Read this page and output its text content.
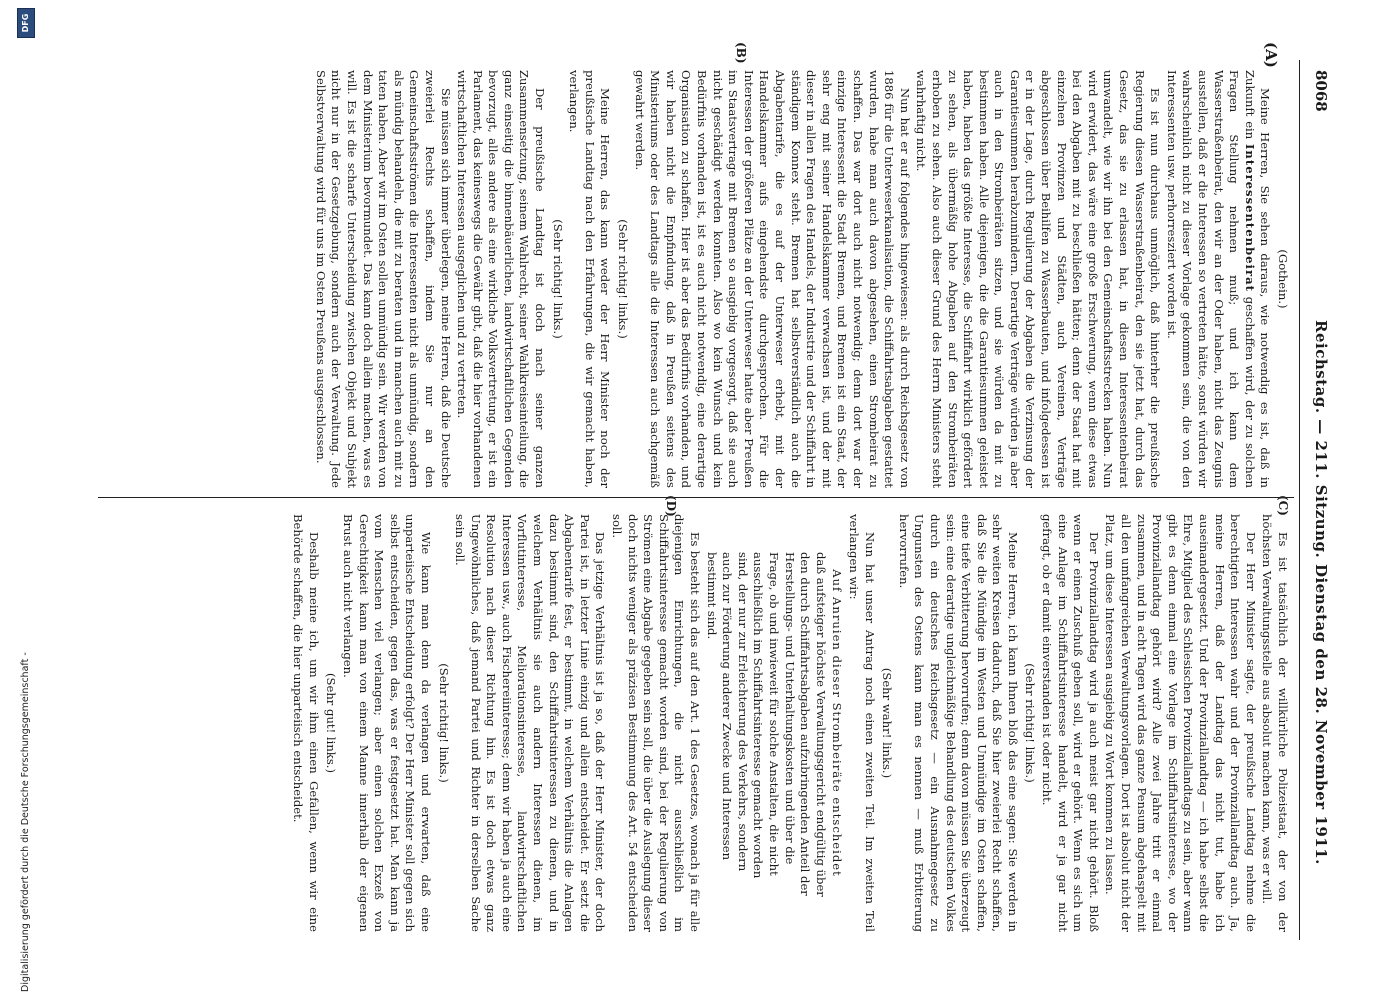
8068
Reichstag. — 211. Sitzung. Dienstag den 28. November 1911.
(A)
(B)
(C)
(D)

(Gothein.)

Meine Herren, Sie sehen daraus, wie notwendig es ist, daß in Zukunft ein Interessentenbeirat geschaffen wird, der zu solchen Fragen Stellung nehmen muß; und ich kann dem Wasserstraßenbeirat, den wir an der Oder haben, nicht das Zeugnis ausstellen, daß er die Interessen so vertreten hätte, sonst würden wir wahrscheinlich nicht zu dieser Vorlage gekommen sein, die von den Interessenten usw. perhorresziert worden ist.

Es ist nun durchaus unmöglich, daß hinterher die preußische Regierung diesen Wasserstraßenbeirat, den sie jetzt hat, durch das Gesetz, das sie zu erlassen hat, in diesen Interessentenbeirat umwandelt, wie wir ihn bei den Gemeinschaftsstrecken haben. Nun wird erwidert, das wäre eine große Erschwerung, wenn diese etwas bei den Abgaben mit zu beschließen hätten; denn der Staat hat mit einzelnen Provinzen und Städten, auch Vereinen, Verträge abgeschlossen über Beihilfen zu Wasserbauten, und infolgedessen ist er in der Lage, durch Regulierung der Abgaben die Verzinsung der Garantiesummen herabzumindern. Derartige Verträge würden ja aber auch in den Strombeiräten sitzen, und sie würden da mit zu bestimmen haben. Alle diejenigen, die die Garantiesummen geleistet haben, haben das größte Interesse, die Schiffahrt wirklich gefördert zu sehen, als übermäßig hohe Abgaben auf den Strombeiräten erhoben zu sehen. Also auch dieser Grund des Herrn Ministers steht wahrhaftig nicht.

Nun hat er auf folgendes hingewiesen: als durch Reichsgesetz von 1886 für die Unterweserkanalisation, die Schiffahrtsabgaben gestattet wurden, habe man auch davon abgesehen, einen Strombeirat zu schaffen. Das war dort auch nicht notwendig; denn dort war der einzige Interessent die Stadt Bremen, und Bremen ist ein Staat, der sehr eng mit seiner Handelskammer verwachsen ist, und der mit dieser in allen Fragen des Handels, der Industrie und der Schiffahrt in ständigem Konnex steht. Bremen hat selbstverständlich auch die Abgabentarife, die es auf der Unterweser erhebt, mit der Handelskammer aufs eingehendste durchgesprochen. Für die Interessen der größeren Plätze an der Unterweser hatte aber Preußen im Staatsvertrage mit Bremen so ausgiebig vorgesorgt, daß sie auch nicht geschädigt werden konnten. Also wo kein Wunsch und kein Bedürfnis vorhanden ist, ist es auch nicht notwendig, eine derartige Organisation zu schaffen. Hier ist aber das Bedürfnis vorhanden, und wir haben nicht die Empfindung, daß in Preußen seitens des Ministeriums oder des Landtags alle die Interessen auch sachgemäß gewahrt werden.

(Sehr richtig! links.)

Meine Herren, das kann weder der Herr Minister noch der preußische Landtag nach den Erfahrungen, die wir gemacht haben, verlangen.

(Sehr richtig! links.)

Der preußische Landtag ist doch nach seiner ganzen Zusammensetzung, seinem Wahlrecht, seiner Wahlkreiseinteilung, die ganz einseitig die binnenbäuerlichen, landwirtschaftlichen Gegenden bevorzugt, alles andere als eine wirkliche Volksvertretung, er ist ein Parlament, das keineswegs die Gewähr gibt, daß die hier vorhandenen wirtschaftlichen Interessen ausgeglichen und zu vertreten.

Sie müssen sich immer überlegen, meine Herren, daß die Deutsche zweierlei Rechts schaffen, indem Sie nur an den Gemeinschaftsströmen die Interessenten nicht als unmündig, sondern als mündig behandeln, die mit zu beraten und in manchen auch mit zu taten haben. Aber wir im Osten sollen unmündig sein. Wir werden von dem Ministerium bevormundet. Das kann doch allein machen, was es will. Es ist die scharfe Unterscheidung zwischen Objekt und Subjekt nicht nur in der Gesetzgebung, sondern auch der Verwaltung. Jede Selbstverwaltung wird für uns im Osten Preußens ausgeschlossen.

Es ist tatsächlich der willkürliche Polizeistaat, der von der höchsten Verwaltungsstelle aus absolut machen kann, was er will.

Der Herr Minister sagte, der preußische Landtag nehme die berechtigten Interessen wahr und der Provinziallandtag auch. Ja, meine Herren, daß der Landtag das nicht tut, habe ich auseinandergesetzt. Und der Provinziallandtag — ich habe selbst die Ehre, Mitglied des Schlesischen Provinziallandtags zu sein, aber wann gibt es denn einmal eine Vorlage im Schiffahrtsinteresse, wo der Provinziallandtag gehört wird? Alle zwei Jahre tritt er einmal zusammen, und in acht Tagen wird das ganze Pensum abgehaspelt mit all den umfangreichen Verwaltungsvorlagen. Dort ist absolut nicht der Platz, um diese Interessen ausgiebig zu Wort kommen zu lassen.

Der Provinziallandtag wird ja auch meist gar nicht gehört. Bloß wenn er einen Zuschuß geben soll, wird er gehört. Wenn es sich um eine Anlage im Schiffahrtsinteresse handelt, wird er ja gar nicht gefragt, ob er damit einverstanden ist oder nicht.

(Sehr richtig! links.)

Meine Herren, ich kann Ihnen bloß das eine sagen: Sie werden in sehr weiten Kreisen dadurch, daß Sie hier zweierlei Recht schaffen, daß Sie die Mündige im Westen und Unmündige im Osten schaffen, eine tiefe Verbitterung hervorrufen; denn davon müssen Sie überzeugt sein: eine derartige ungleichmäßige Behandlung des deutschen Volkes durch ein deutsches Reichsgesetz — ein Ausnahmegesetz zu Ungunsten des Ostens kann man es nennen — muß Erbitterung hervorrufen.

(Sehr wahr! links.)

Nun hat unser Antrag noch einen zweiten Teil. Im zweiten Teil verlangen wir:

Auf Anruien dieser Strombeiräte entscheidet

daß aufsteiger höchste Verwaltungsgericht endgültig über den durch Schiffahrtsabgaben aufzubringenden Anteil der Herstellungs- und Unterhaltungskosten und über die Frage, ob und inwieweit für solche Anstalten, die nicht ausschließlich im Schiffahrtsinteresse gemacht worden sind, der nur zur Erleichterung des Verkehrs, sondern auch zur Förderung anderer Zwecke und Interessen bestimmt sind.

Es besteht sich das auf den Art. 1 des Gesetzes, wonach ja für alle diejenigen Einrichtungen, die nicht ausschließlich im Schiffahrtsinteresse gemacht worden sind, bei der Regulierung von Strömen eine Abgabe gegeben sein soll, die über die Auslegung dieser doch nichts weniger als präzisen Bestimmung des Art. 54 entscheiden soll.

Das jetzige Verhältnis ist ja so, daß der Herr Minister, der doch Partei ist, in letzter Linie einzig und allein entscheidet. Er setzt die Abgabentarife fest, er bestimmt, in welchem Verhältnis die Anlagen dazu bestimmt sind, den Schiffahrtsinteressen zu dienen, und in welchem Verhältnis sie auch andern Interessen dienen, im Vorflutinteresse, Meliorationsinteresse, landwirtschaftlichen Interessen usw., auch Fischereiinteresse; denn wir haben ja auch eine Resolution nach dieser Richtung hin. Es ist doch etwas ganz Ungewöhnliches, daß jemand Partei und Richter in derselben Sache sein soll.

(Sehr richtig! links.)

Wie kann man denn da verlangen und erwarten, daß eine unparteiische Entscheidung erfolgt? Der Herr Minister soll gegen sich selbst entscheiden, gegen das, was er festgesetzt hat. Man kann ja vom Menschen viel verlangen; aber einen solchen Exzeß von Gerechtigkeit kann man von einem Manne innerhalb der eigenen Brust auch nicht verlangen.

(Sehr gut! links.)

Deshalb meine ich, um wir ihm einen Gefallen, wenn wir eine Behörde schaffen, die hier unparteiisch entscheidet.

Digitalisierung gefördert durch die Deutsche Forschungsgemeinschaft -
DFG
